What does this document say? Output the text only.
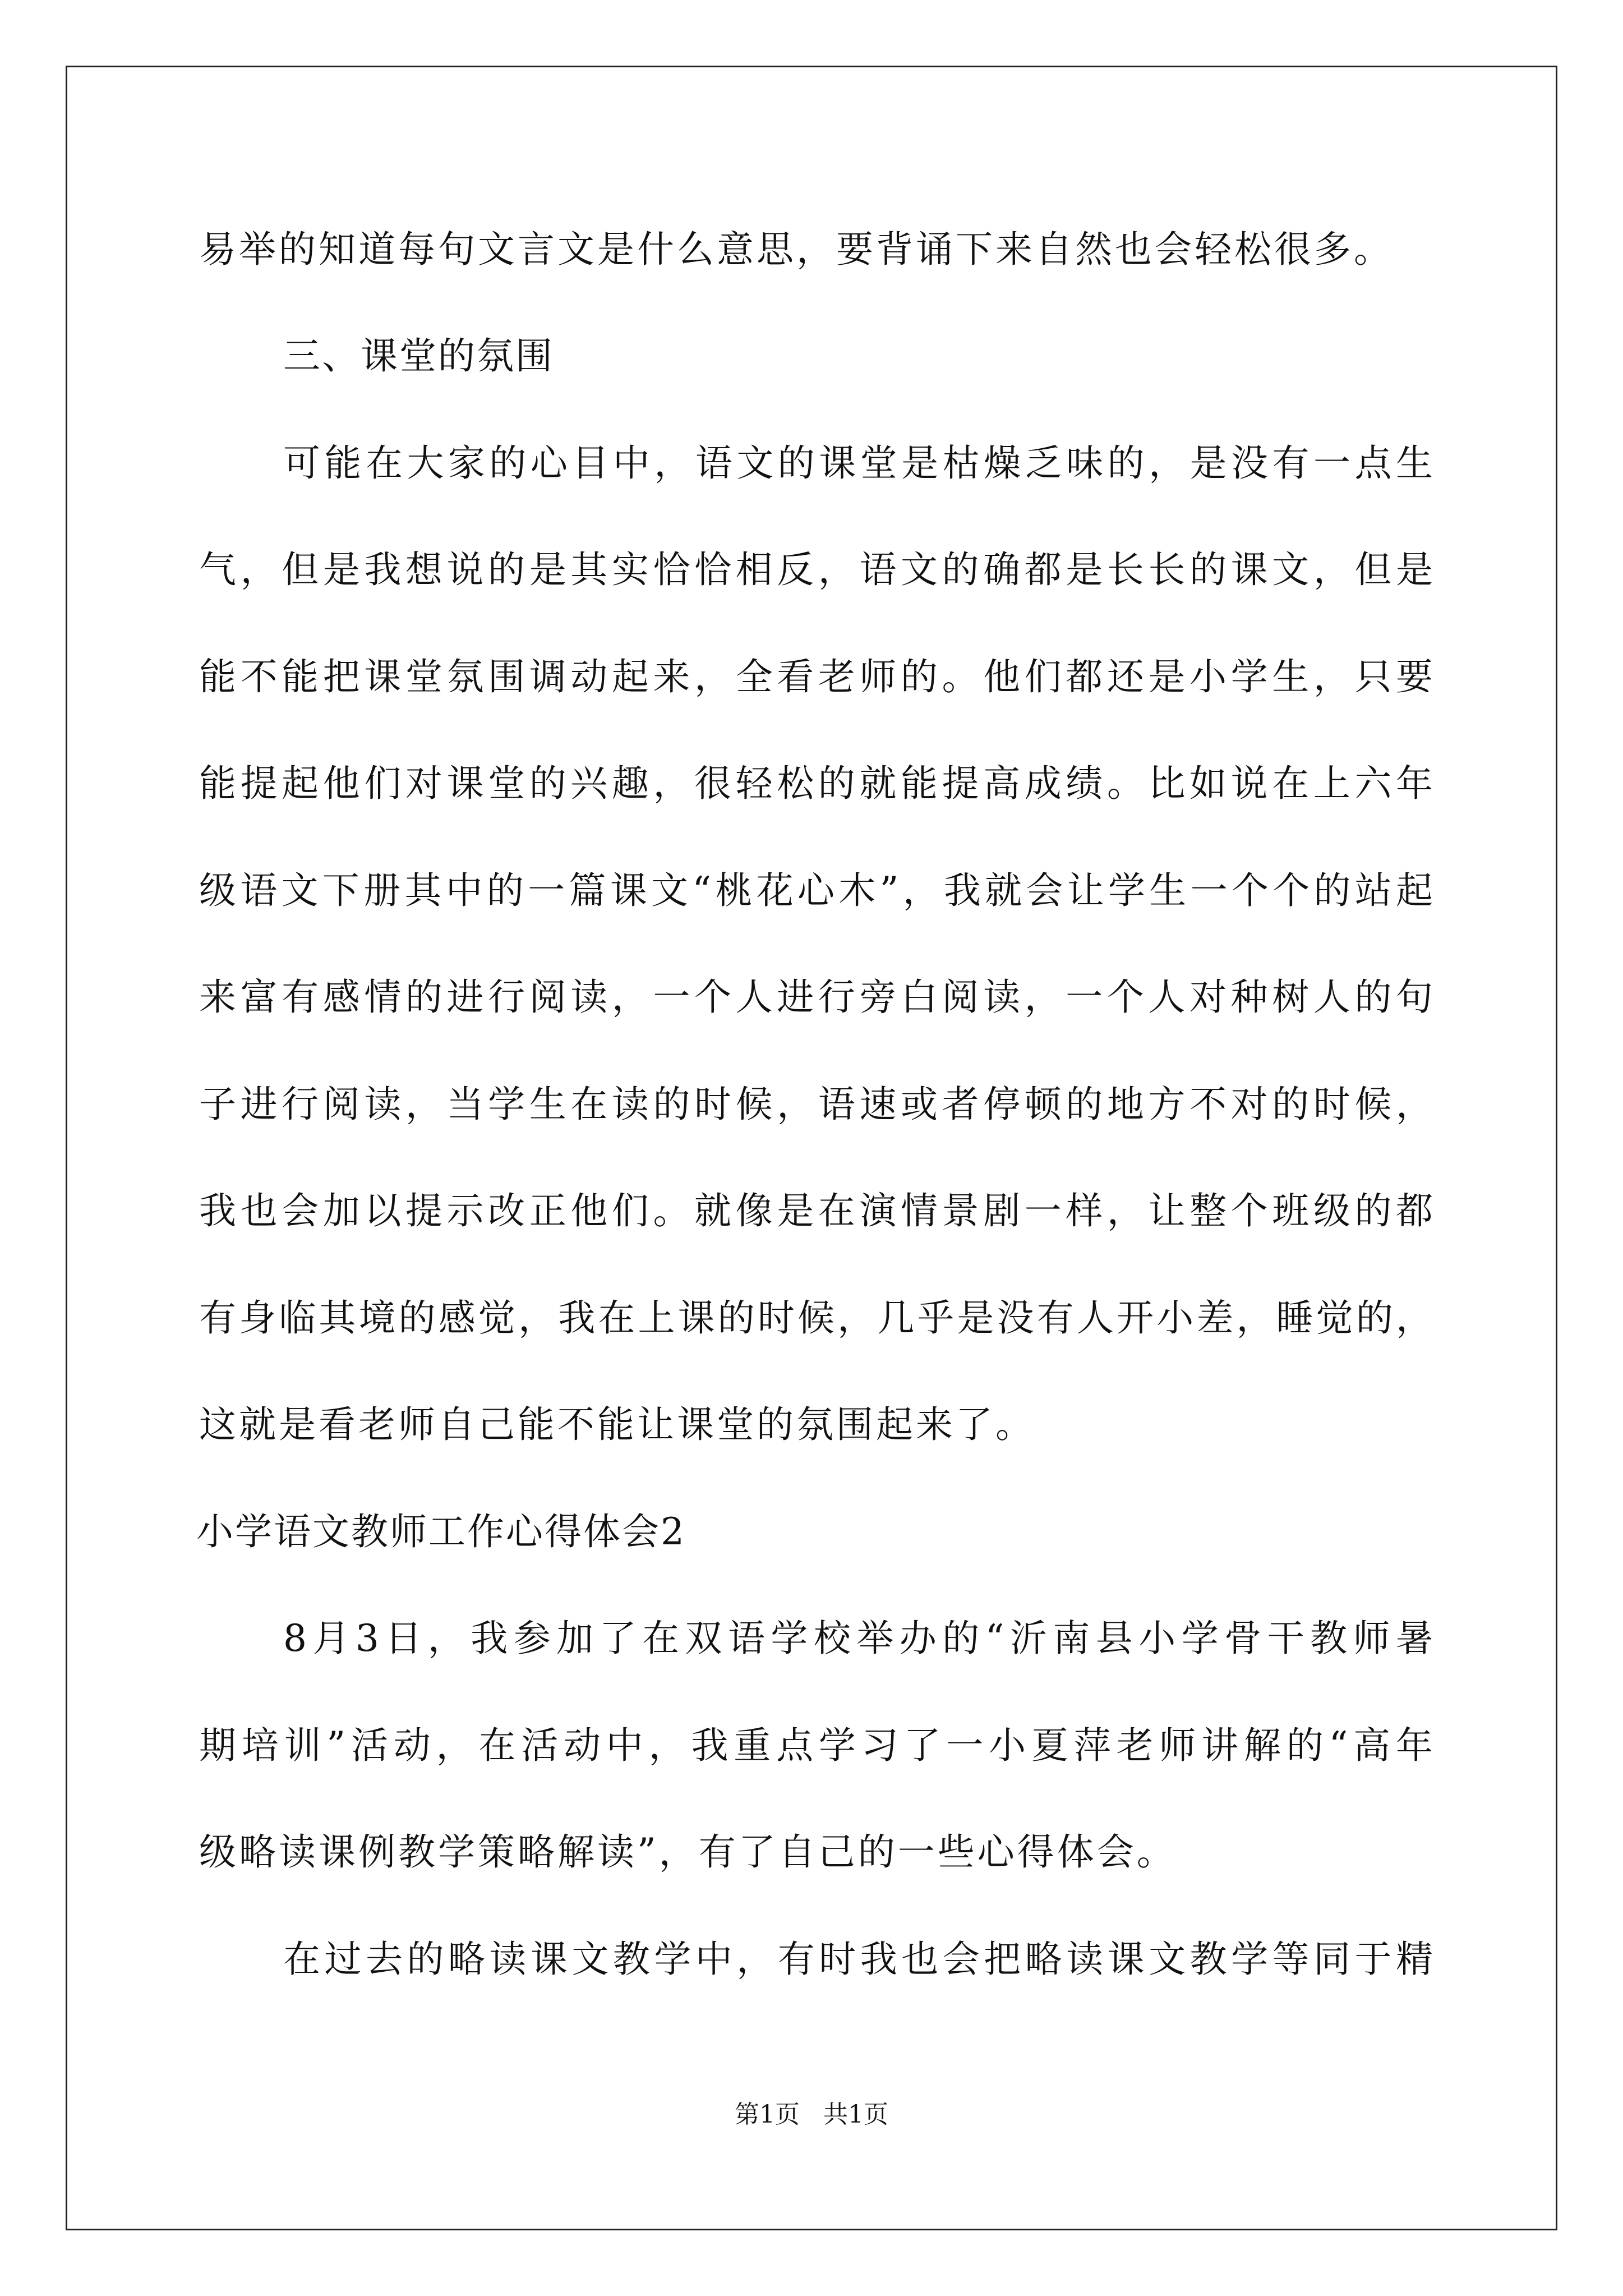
易举的知道每句文言文是什么意思，要背诵下来自然也会轻松很多。
三、课堂的氛围
可能在大家的心目中，语文的课堂是枯燥乏味的，是没有一点生
气，但是我想说的是其实恰恰相反，语文的确都是长长的课文，但是
能不能把课堂氛围调动起来，全看老师的。他们都还是小学生，只要
能提起他们对课堂的兴趣，很轻松的就能提高成绩。比如说在上六年
级语文下册其中的一篇课文“桃花心木”，我就会让学生一个个的站起
来富有感情的进行阅读，一个人进行旁白阅读，一个人对种树人的句
子进行阅读，当学生在读的时候，语速或者停顿的地方不对的时候，
我也会加以提示改正他们。就像是在演情景剧一样，让整个班级的都
有身临其境的感觉，我在上课的时候，几乎是没有人开小差，睡觉的，
这就是看老师自己能不能让课堂的氛围起来了。
小学语文教师工作心得体会2
8月3日，我参加了在双语学校举办的“沂南县小学骨干教师暑
期培训”活动，在活动中，我重点学习了一小夏萍老师讲解的“高年
级略读课例教学策略解读”，有了自己的一些心得体会。
在过去的略读课文教学中，有时我也会把略读课文教学等同于精
第1页   共1页
